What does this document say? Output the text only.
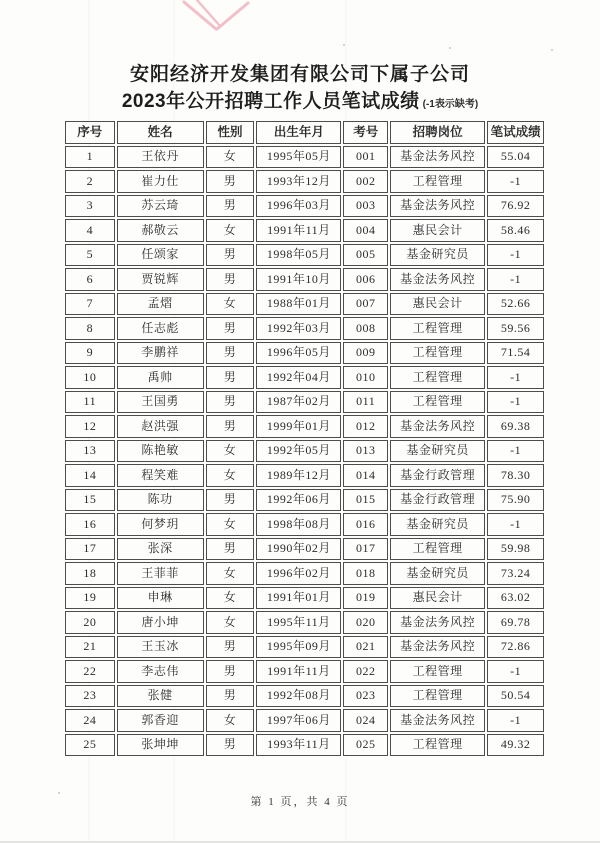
安阳经济开发集团有限公司下属子公司
2023年公开招聘工作人员笔试成绩 (-1表示缺考)
序号	姓名	性别	出生年月	考号	招聘岗位	笔试成绩
1	王依丹	女	1995年05月	001	基金法务风控	55.04
2	崔力仕	男	1993年12月	002	工程管理	-1
3	苏云琦	男	1996年03月	003	基金法务风控	76.92
4	郝敬云	女	1991年11月	004	惠民会计	58.46
5	任颂家	男	1998年05月	005	基金研究员	-1
6	贾锐辉	男	1991年10月	006	基金法务风控	-1
7	孟熠	女	1988年01月	007	惠民会计	52.66
8	任志彪	男	1992年03月	008	工程管理	59.56
9	李鹏祥	男	1996年05月	009	工程管理	71.54
10	禹帅	男	1992年04月	010	工程管理	-1
11	王国勇	男	1987年02月	011	工程管理	-1
12	赵洪强	男	1999年01月	012	基金法务风控	69.38
13	陈艳敏	女	1992年05月	013	基金研究员	-1
14	程笑难	女	1989年12月	014	基金行政管理	78.30
15	陈功	男	1992年06月	015	基金行政管理	75.90
16	何梦玥	女	1998年08月	016	基金研究员	-1
17	张深	男	1990年02月	017	工程管理	59.98
18	王菲菲	女	1996年02月	018	基金研究员	73.24
19	申琳	女	1991年01月	019	惠民会计	63.02
20	唐小坤	女	1995年11月	020	基金法务风控	69.78
21	王玉冰	男	1995年09月	021	基金法务风控	72.86
22	李志伟	男	1991年11月	022	工程管理	-1
23	张健	男	1992年08月	023	工程管理	50.54
24	郭香迎	女	1997年06月	024	基金法务风控	-1
25	张坤坤	男	1993年11月	025	工程管理	49.32
第 1 页，共 4 页
